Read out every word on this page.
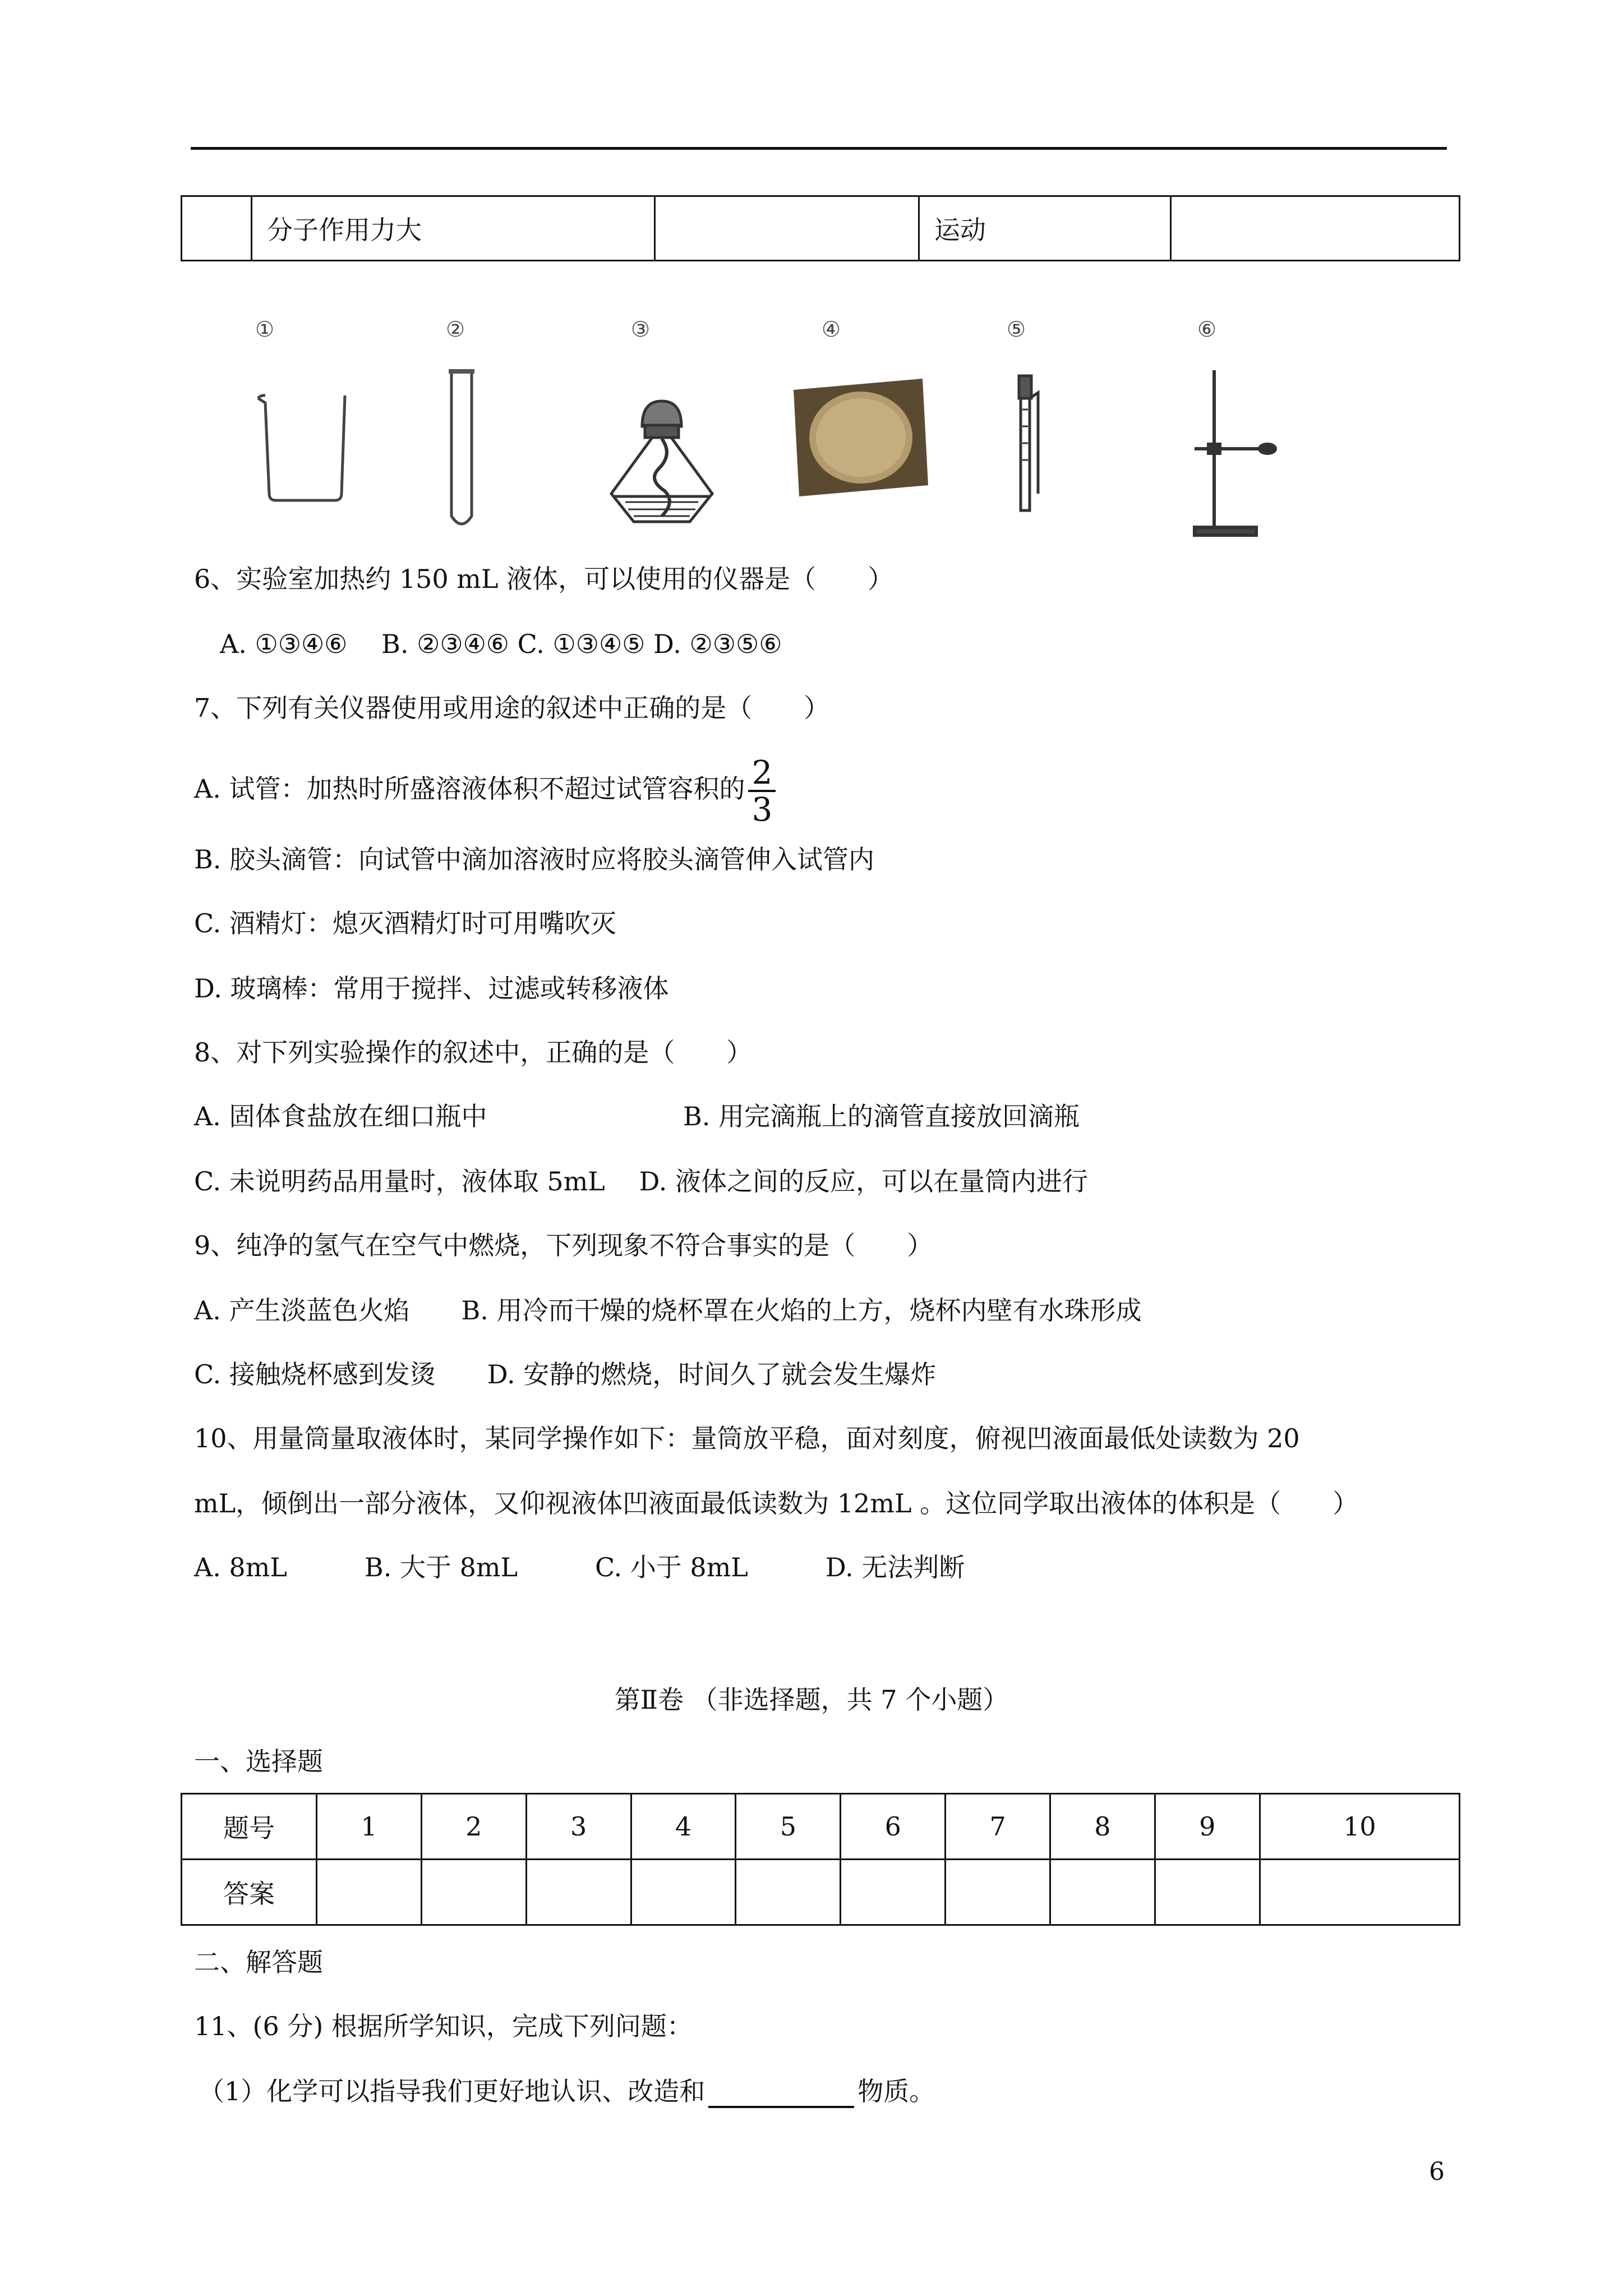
	分子作用力大		运动	
①	②	③	④	⑤	⑥
6、实验室加热约 150 mL 液体，可以使用的仪器是（　　）
A. ①③④⑥　 B. ②③④⑥ C. ①③④⑤ D. ②③⑤⑥
7、下列有关仪器使用或用途的叙述中正确的是（　　）
A. 试管：加热时所盛溶液体积不超过试管容积的 $\frac{2}{3}$
B. 胶头滴管：向试管中滴加溶液时应将胶头滴管伸入试管内
C. 酒精灯：熄灭酒精灯时可用嘴吹灭
D. 玻璃棒：常用于搅拌、过滤或转移液体
8、对下列实验操作的叙述中，正确的是（　　）
A. 固体食盐放在细口瓶中	B. 用完滴瓶上的滴管直接放回滴瓶
C. 未说明药品用量时，液体取 5mL　 D. 液体之间的反应，可以在量筒内进行
9、纯净的氢气在空气中燃烧，下列现象不符合事实的是（　　）
A. 产生淡蓝色火焰　　B. 用冷而干燥的烧杯罩在火焰的上方，烧杯内壁有水珠形成
C. 接触烧杯感到发烫　　D. 安静的燃烧，时间久了就会发生爆炸
10、用量筒量取液体时，某同学操作如下：量筒放平稳，面对刻度，俯视凹液面最低处读数为 20
mL，倾倒出一部分液体，又仰视液体凹液面最低读数为 12mL 。这位同学取出液体的体积是（　　）
A. 8mL　　　B. 大于 8mL　　　C. 小于 8mL　　　D. 无法判断
第Ⅱ卷 （非选择题，共 7 个小题）
一、选择题
题号	1	2	3	4	5	6	7	8	9	10
答案										
二、解答题
11、(6 分) 根据所学知识，完成下列问题：
（1）化学可以指导我们更好地认识、改造和	物质。
6
